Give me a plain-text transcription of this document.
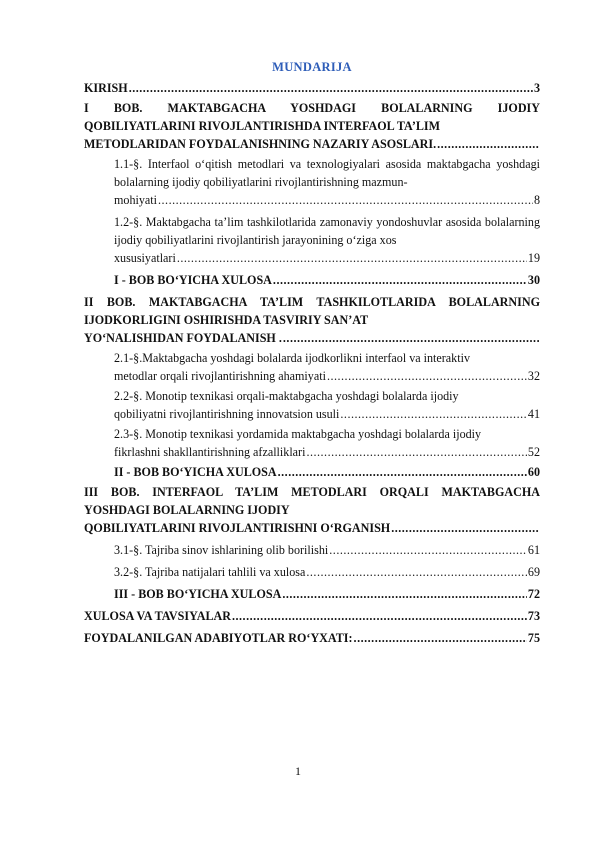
MUNDARIJA
KIRISH .....	3
I BOB. MAKTABGACHA YOSHDAGI BOLALARNING IJODIY QOBILIYATLARINI RIVOJLANTIRISHDA INTERFAOL TA’LIM
METODLARIDAN FOYDALANISHNING NAZARIY ASOSLARI.
.....
1.1-§. Interfaol o‘qitish metodlari va texnologiyalari asosida maktabgacha yoshdagi bolalarning ijodiy qobiliyatlarini rivojlantirishning mazmun-
mohiyati .....	8
1.2-§. Maktabgacha ta’lim tashkilotlarida zamonaviy yondoshuvlar asosida bolalarning ijodiy qobiliyatlarini rivojlantirish jarayonining o‘ziga xos
xususiyatlari .....	19
I - BOB BO‘YICHA XULOSA .....	30
II BOB. MAKTABGACHA TA’LIM TASHKILOTLARIDA BOLALARNING IJODKORLIGINI OSHIRISHDA TASVIRIY SAN’AT
YO‘NALISHIDAN FOYDALANISH .
.....
2.1-§.Maktabgacha yoshdagi bolalarda ijodkorlikni interfaol va interaktiv
metodlar orqali rivojlantirishning ahamiyati .....	32
2.2-§. Monotip texnikasi orqali-maktabgacha yoshdagi bolalarda ijodiy
qobiliyatni rivojlantirishning innovatsion usuli .....	41
2.3-§. Monotip texnikasi yordamida maktabgacha yoshdagi bolalarda ijodiy
fikrlashni shakllantirishning afzalliklari .....	52
II - BOB BO‘YICHA XULOSA .....	60
III BOB. INTERFAOL TA’LIM METODLARI ORQALI MAKTABGACHA YOSHDAGI BOLALARNING IJODIY
QOBILIYATLARINI RIVOJLANTIRISHNI O‘RGANISH
.....
3.1-§. Tajriba sinov ishlarining olib borilishi .....	61
3.2-§. Tajriba natijalari tahlili va xulosa .....	69
III - BOB BO‘YICHA XULOSA .....	72
XULOSA VA TAVSIYALAR .....	73
FOYDALANILGAN ADABIYOTLAR RO‘YXATI: .....	75
1
